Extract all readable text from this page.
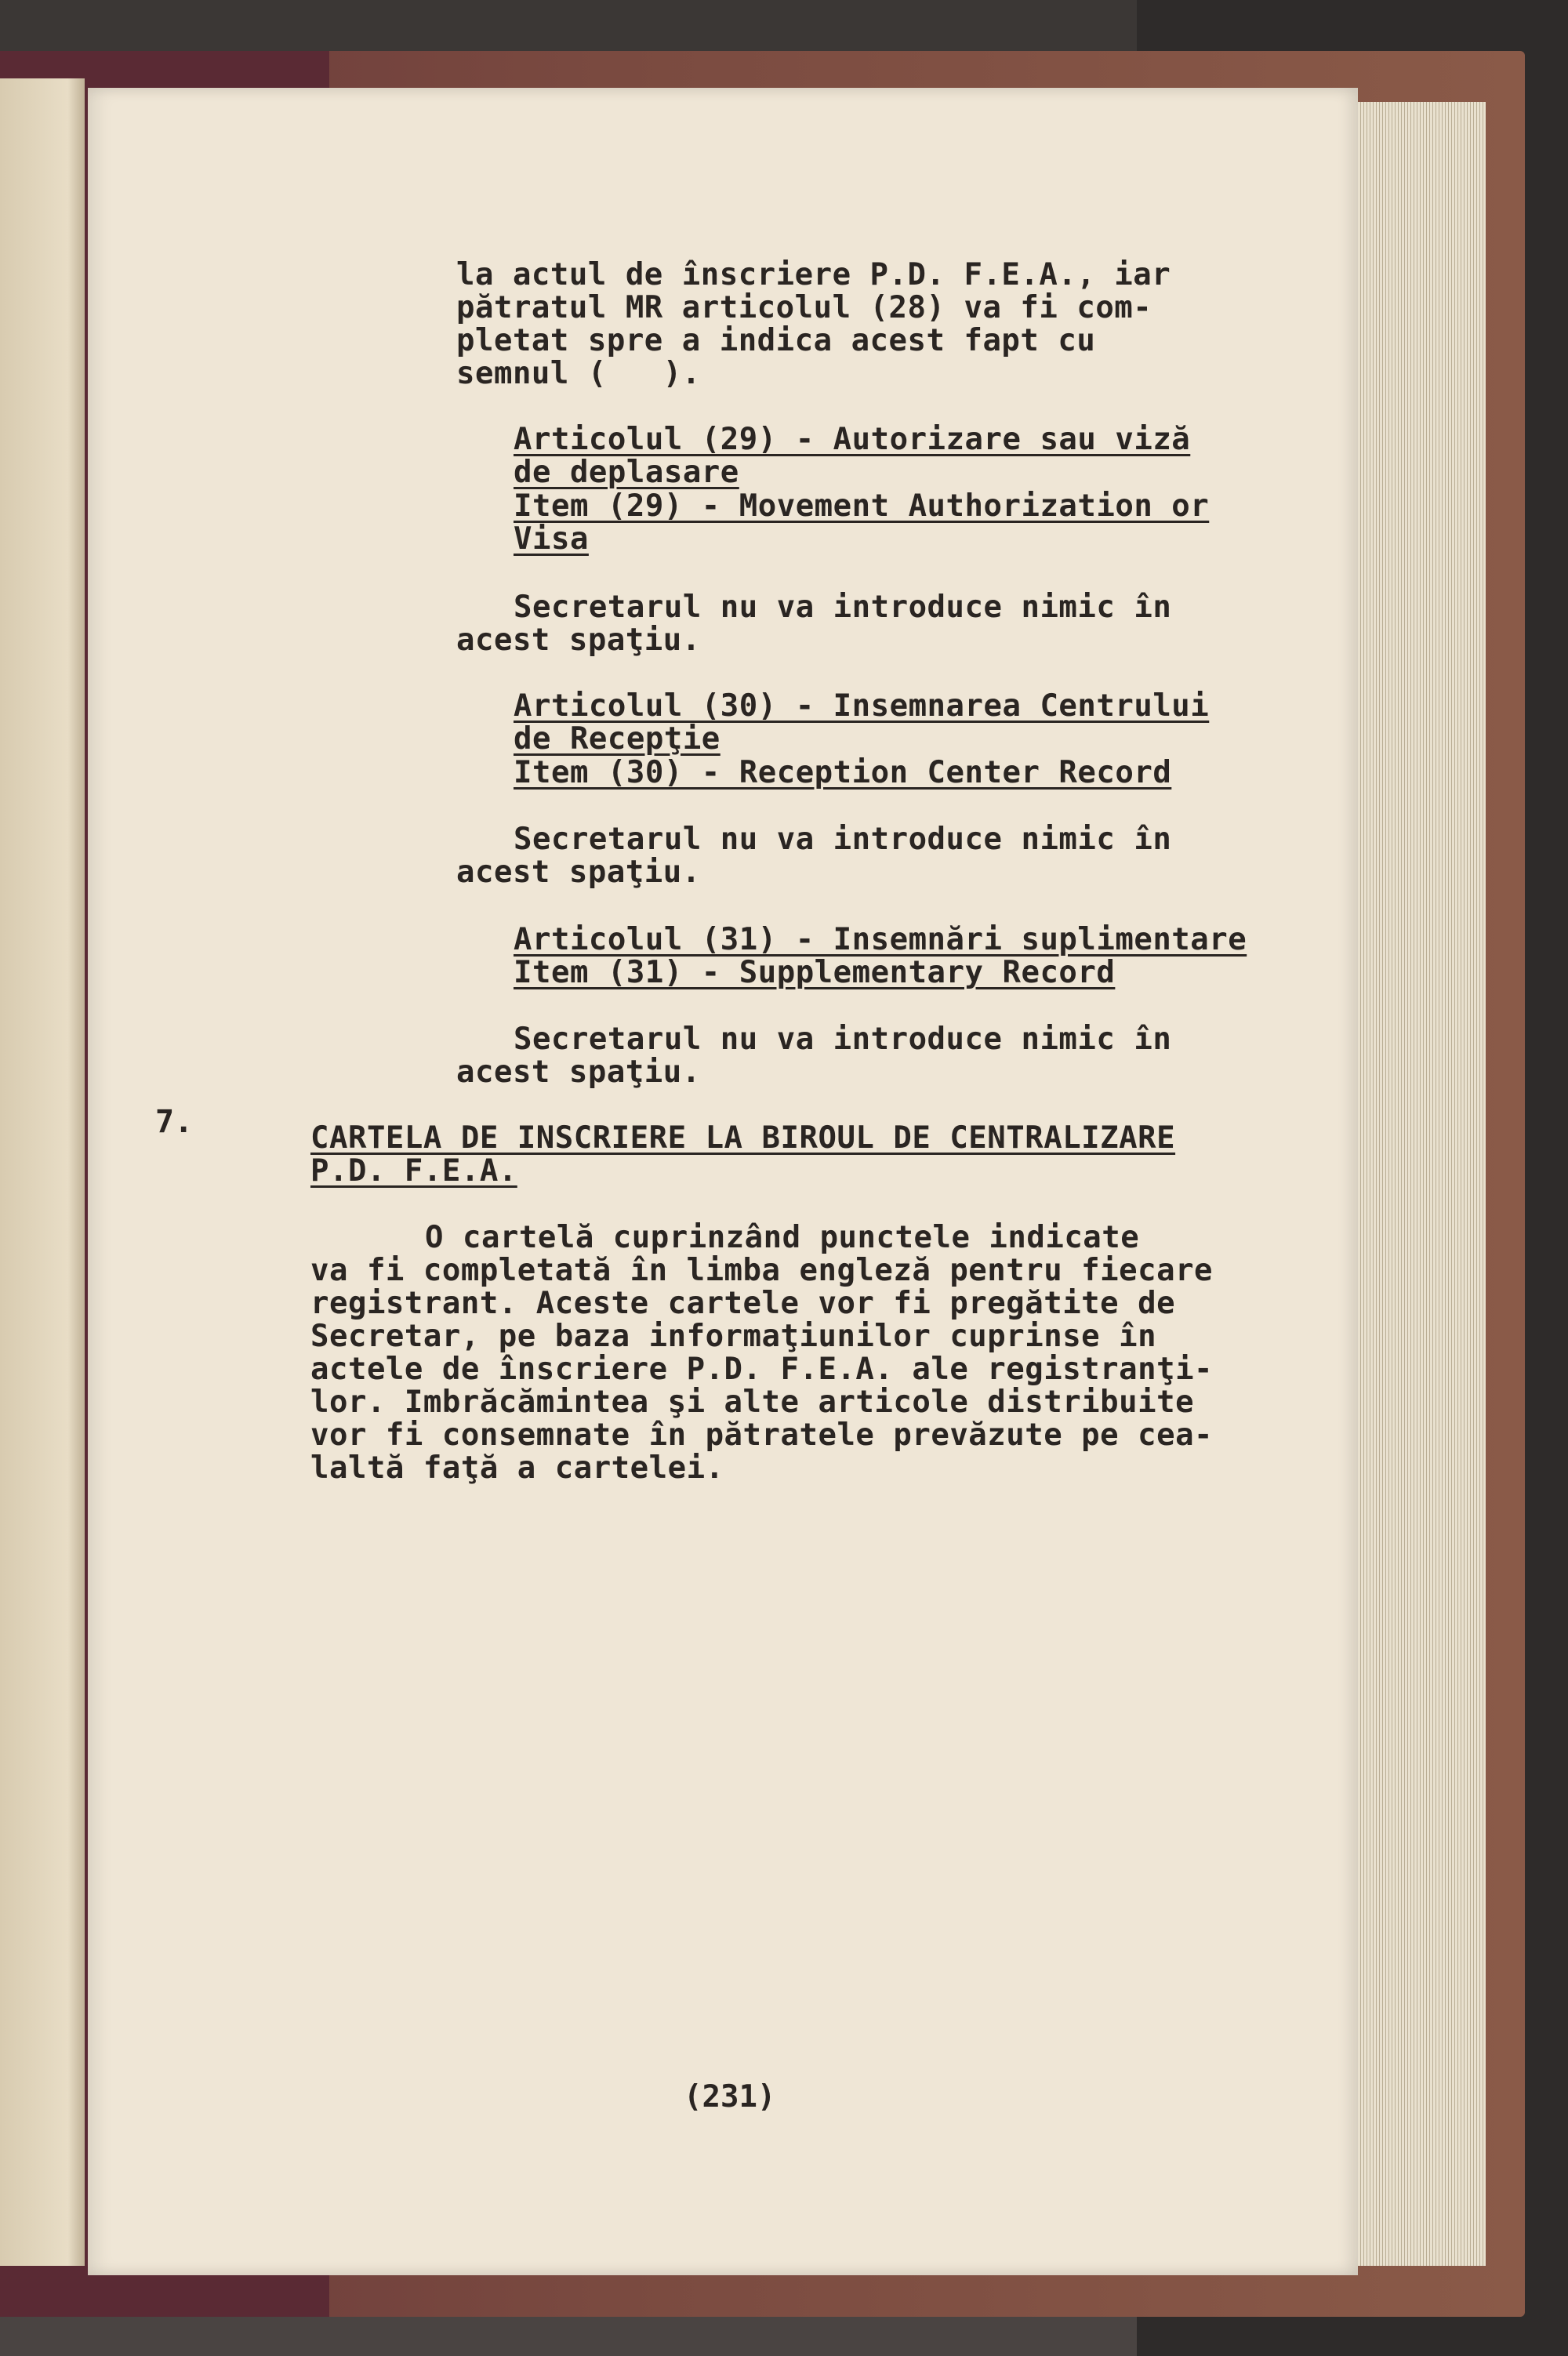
la actul de înscriere P.D. F.E.A., iar

pătratul MR articolul (28) va fi com-

pletat spre a indica acest fapt cu

semnul (   ).

Articolul (29) - Autorizare sau viză

de deplasare

Item (29) - Movement Authorization or

Visa

Secretarul nu va introduce nimic în

acest spaţiu.

Articolul (30) - Insemnarea Centrului

de Recepţie

Item (30) - Reception Center Record

Secretarul nu va introduce nimic în

acest spaţiu.

Articolul (31) - Insemnări suplimentare

Item (31) - Supplementary Record

Secretarul nu va introduce nimic în

acest spaţiu.

7.	CARTELA DE INSCRIERE LA BIROUL DE CENTRALIZARE

P.D. F.E.A.

O cartelă cuprinzând punctele indicate

va fi completată în limba engleză pentru fiecare

registrant. Aceste cartele vor fi pregătite de

Secretar, pe baza informaţiunilor cuprinse în

actele de înscriere P.D. F.E.A. ale registranţi-

lor. Imbrăcămintea şi alte articole distribuite

vor fi consemnate în pătratele prevăzute pe cea-

laltă faţă a cartelei.

(231)
